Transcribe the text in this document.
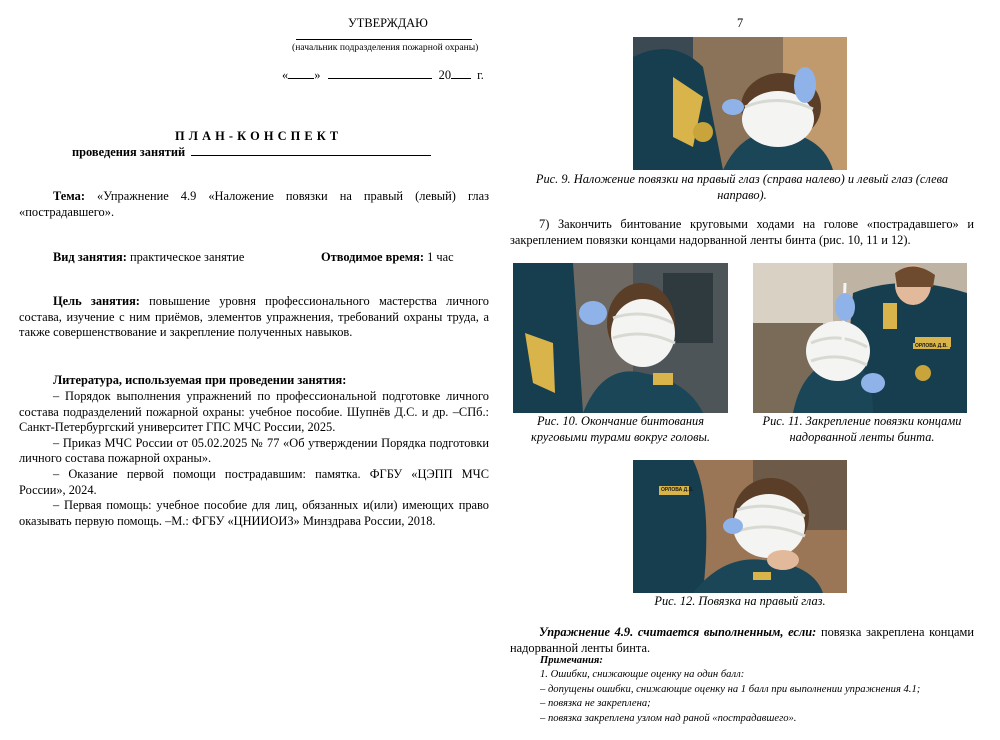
УТВЕРЖДАЮ
(начальник подразделения пожарной охраны)
« »	20 г.
П Л А Н - К О Н С П Е К Т
проведения занятий
Тема: «Упражнение 4.9 «Наложение повязки на правый (левый) глаз «пострадавшего».
Вид занятия: практическое занятие	Отводимое время: 1 час
Цель занятия: повышение уровня профессионального мастерства личного состава, изучение с ним приёмов, элементов упражнения, требований охраны труда, а также совершенствование и закрепление полученных навыков.
Литература, используемая при проведении занятия:
‒ Порядок выполнения упражнений по профессиональной подготовке личного состава подразделений пожарной охраны: учебное пособие. Шупнёв Д.С. и др. –СПб.: Санкт-Петербургский университет ГПС МЧС России, 2025.
‒ Приказ МЧС России от 05.02.2025 № 77 «Об утверждении Порядка подготовки личного состава пожарной охраны».
‒ Оказание первой помощи пострадавшим: памятка. ФГБУ «ЦЭПП МЧС России», 2024.
‒ Первая помощь: учебное пособие для лиц, обязанных и(или) имеющих право оказывать первую помощь. –М.: ФГБУ «ЦНИИОИЗ» Минздрава России, 2018.
7
Рис. 9. Наложение повязки на правый глаз (справа налево) и левый глаз (слева направо).
7) Закончить бинтование круговыми ходами на голове «пострадавшего» и закреплением повязки концами надорванной ленты бинта (рис. 10, 11 и 12).
Рис. 10. Окончание бинтования круговыми турами вокруг головы.
ОРЛОВА Д.В.
Рис. 11. Закрепление повязки концами надорванной ленты бинта.
ОРЛОВА Д.В.
Рис. 12. Повязка на правый глаз.
Упражнение 4.9. считается выполненным, если: повязка закреплена концами надорванной ленты бинта.
Примечания:
1. Ошибки, снижающие оценку на один балл:
‒ допущены ошибки, снижающие оценку на 1 балл при выполнении упражнения 4.1;
‒ повязка не закреплена;
‒ повязка закреплена узлом над раной «пострадавшего».
